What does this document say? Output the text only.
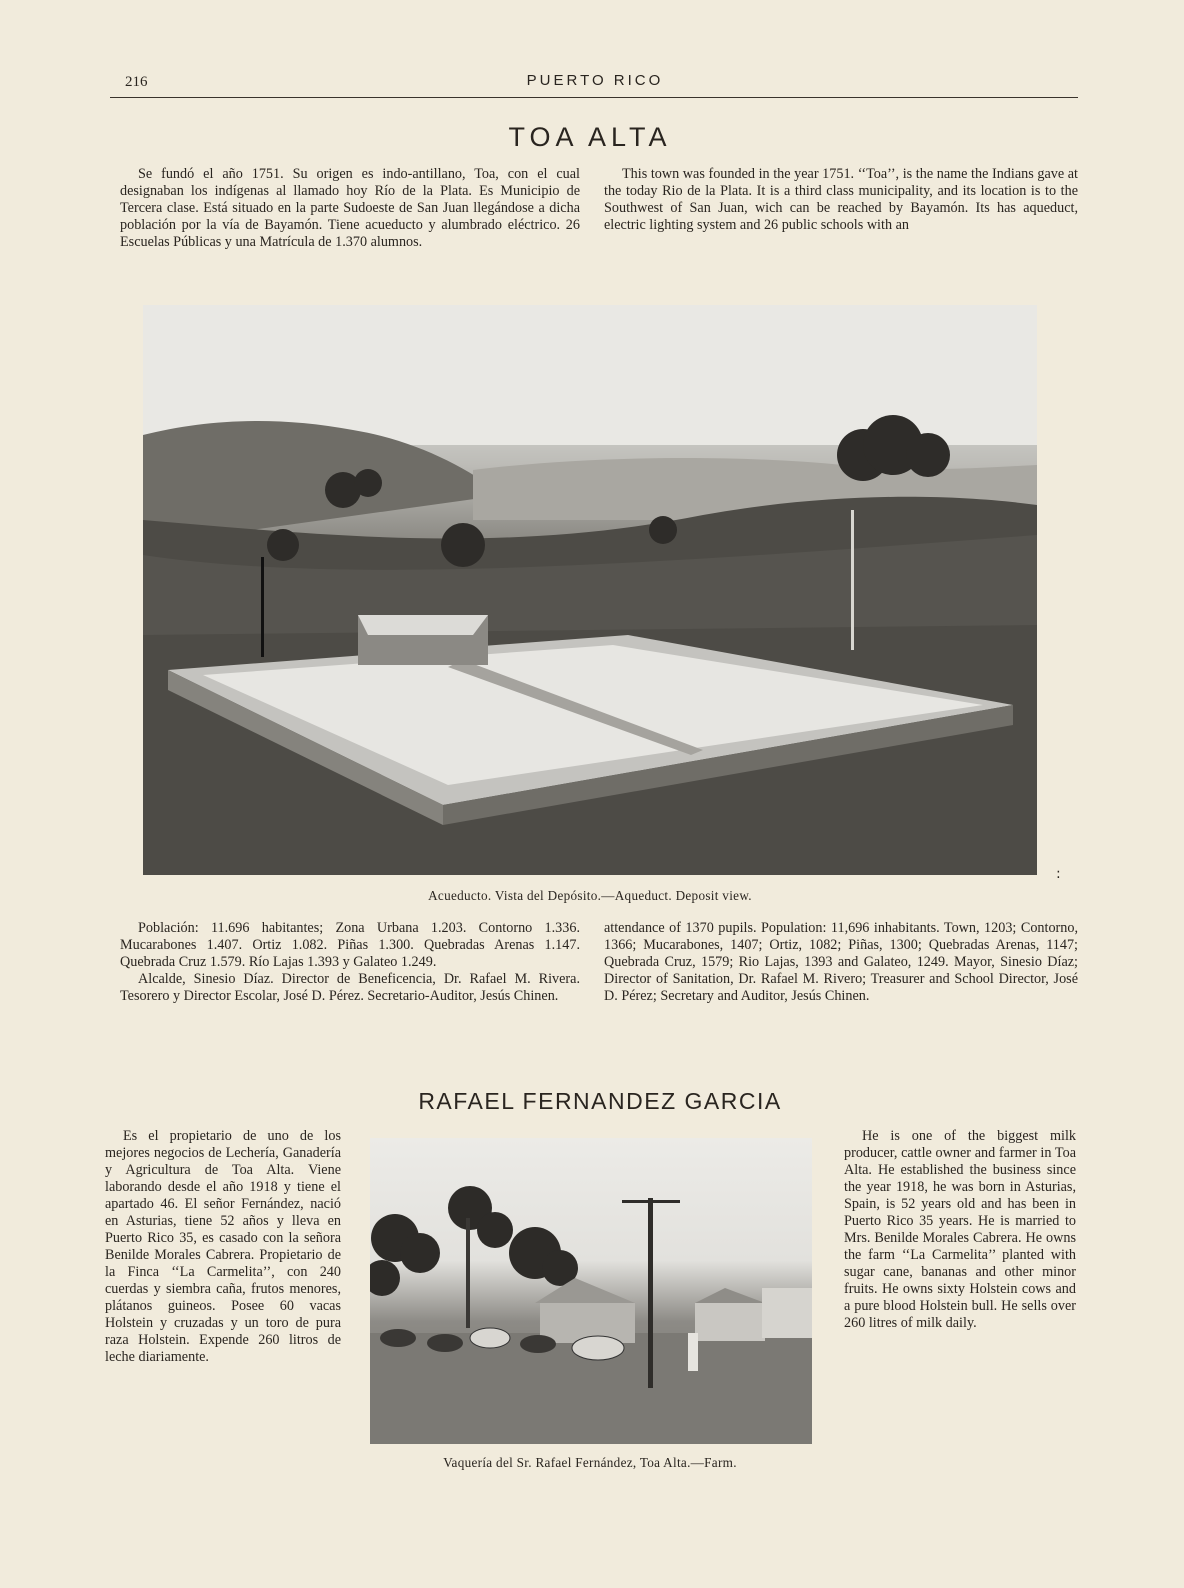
216	PUERTO RICO
TOA ALTA

Se fundó el año 1751. Su origen es indo-antillano, Toa, con el cual designaban los indígenas al llamado hoy Río de la Plata. Es Municipio de Tercera clase. Está situado en la parte Sudoeste de San Juan llegándose a dicha población por la vía de Bayamón. Tiene acueducto y alumbrado eléctrico. 26 Escuelas Públicas y una Matrícula de 1.370 alumnos.

This town was founded in the year 1751. ‘‘Toa’’, is the name the Indians gave at the today Rio de la Plata. It is a third class municipality, and its location is to the Southwest of San Juan, wich can be reached by Bayamón. Its has aqueduct, electric lighting system and 26 public schools with an

Acueducto. Vista del Depósito.—Aqueduct. Deposit view.
:

Población: 11.696 habitantes; Zona Urbana 1.203. Contorno 1.336. Mucarabones 1.407. Ortiz 1.082. Piñas 1.300. Quebradas Arenas 1.147. Quebrada Cruz 1.579. Río Lajas 1.393 y Galateo 1.249.

Alcalde, Sinesio Díaz. Director de Beneficencia, Dr. Rafael M. Rivera. Tesorero y Director Escolar, José D. Pérez. Secretario-Auditor, Jesús Chinen.

attendance of 1370 pupils. Population: 11,696 inhabitants. Town, 1203; Contorno, 1366; Mucarabones, 1407; Ortiz, 1082; Piñas, 1300; Quebradas Arenas, 1147; Quebrada Cruz, 1579; Rio Lajas, 1393 and Galateo, 1249. Mayor, Sinesio Díaz; Director of Sanitation, Dr. Rafael M. Rivero; Treasurer and School Director, José D. Pérez; Secretary and Auditor, Jesús Chinen.

RAFAEL FERNANDEZ GARCIA

Es el propietario de uno de los mejores negocios de Lechería, Ganadería y Agricultura de Toa Alta. Viene laborando desde el año 1918 y tiene el apartado 46. El señor Fernández, nació en Asturias, tiene 52 años y lleva en Puerto Rico 35, es casado con la señora Benilde Morales Cabrera. Propietario de la Finca ‘‘La Carmelita’’, con 240 cuerdas y siembra caña, frutos menores, plátanos guineos. Posee 60 vacas Holstein y cruzadas y un toro de pura raza Holstein. Expende 260 litros de leche diariamente.

Vaquería del Sr. Rafael Fernández, Toa Alta.—Farm.

He is one of the biggest milk producer, cattle owner and farmer in Toa Alta. He established the business since the year 1918, he was born in Asturias, Spain, is 52 years old and has been in Puerto Rico 35 years. He is married to Mrs. Benilde Morales Cabrera. He owns the farm ‘‘La Carmelita’’ planted with sugar cane, bananas and other minor fruits. He owns sixty Holstein cows and a pure blood Holstein bull. He sells over 260 litres of milk daily.
